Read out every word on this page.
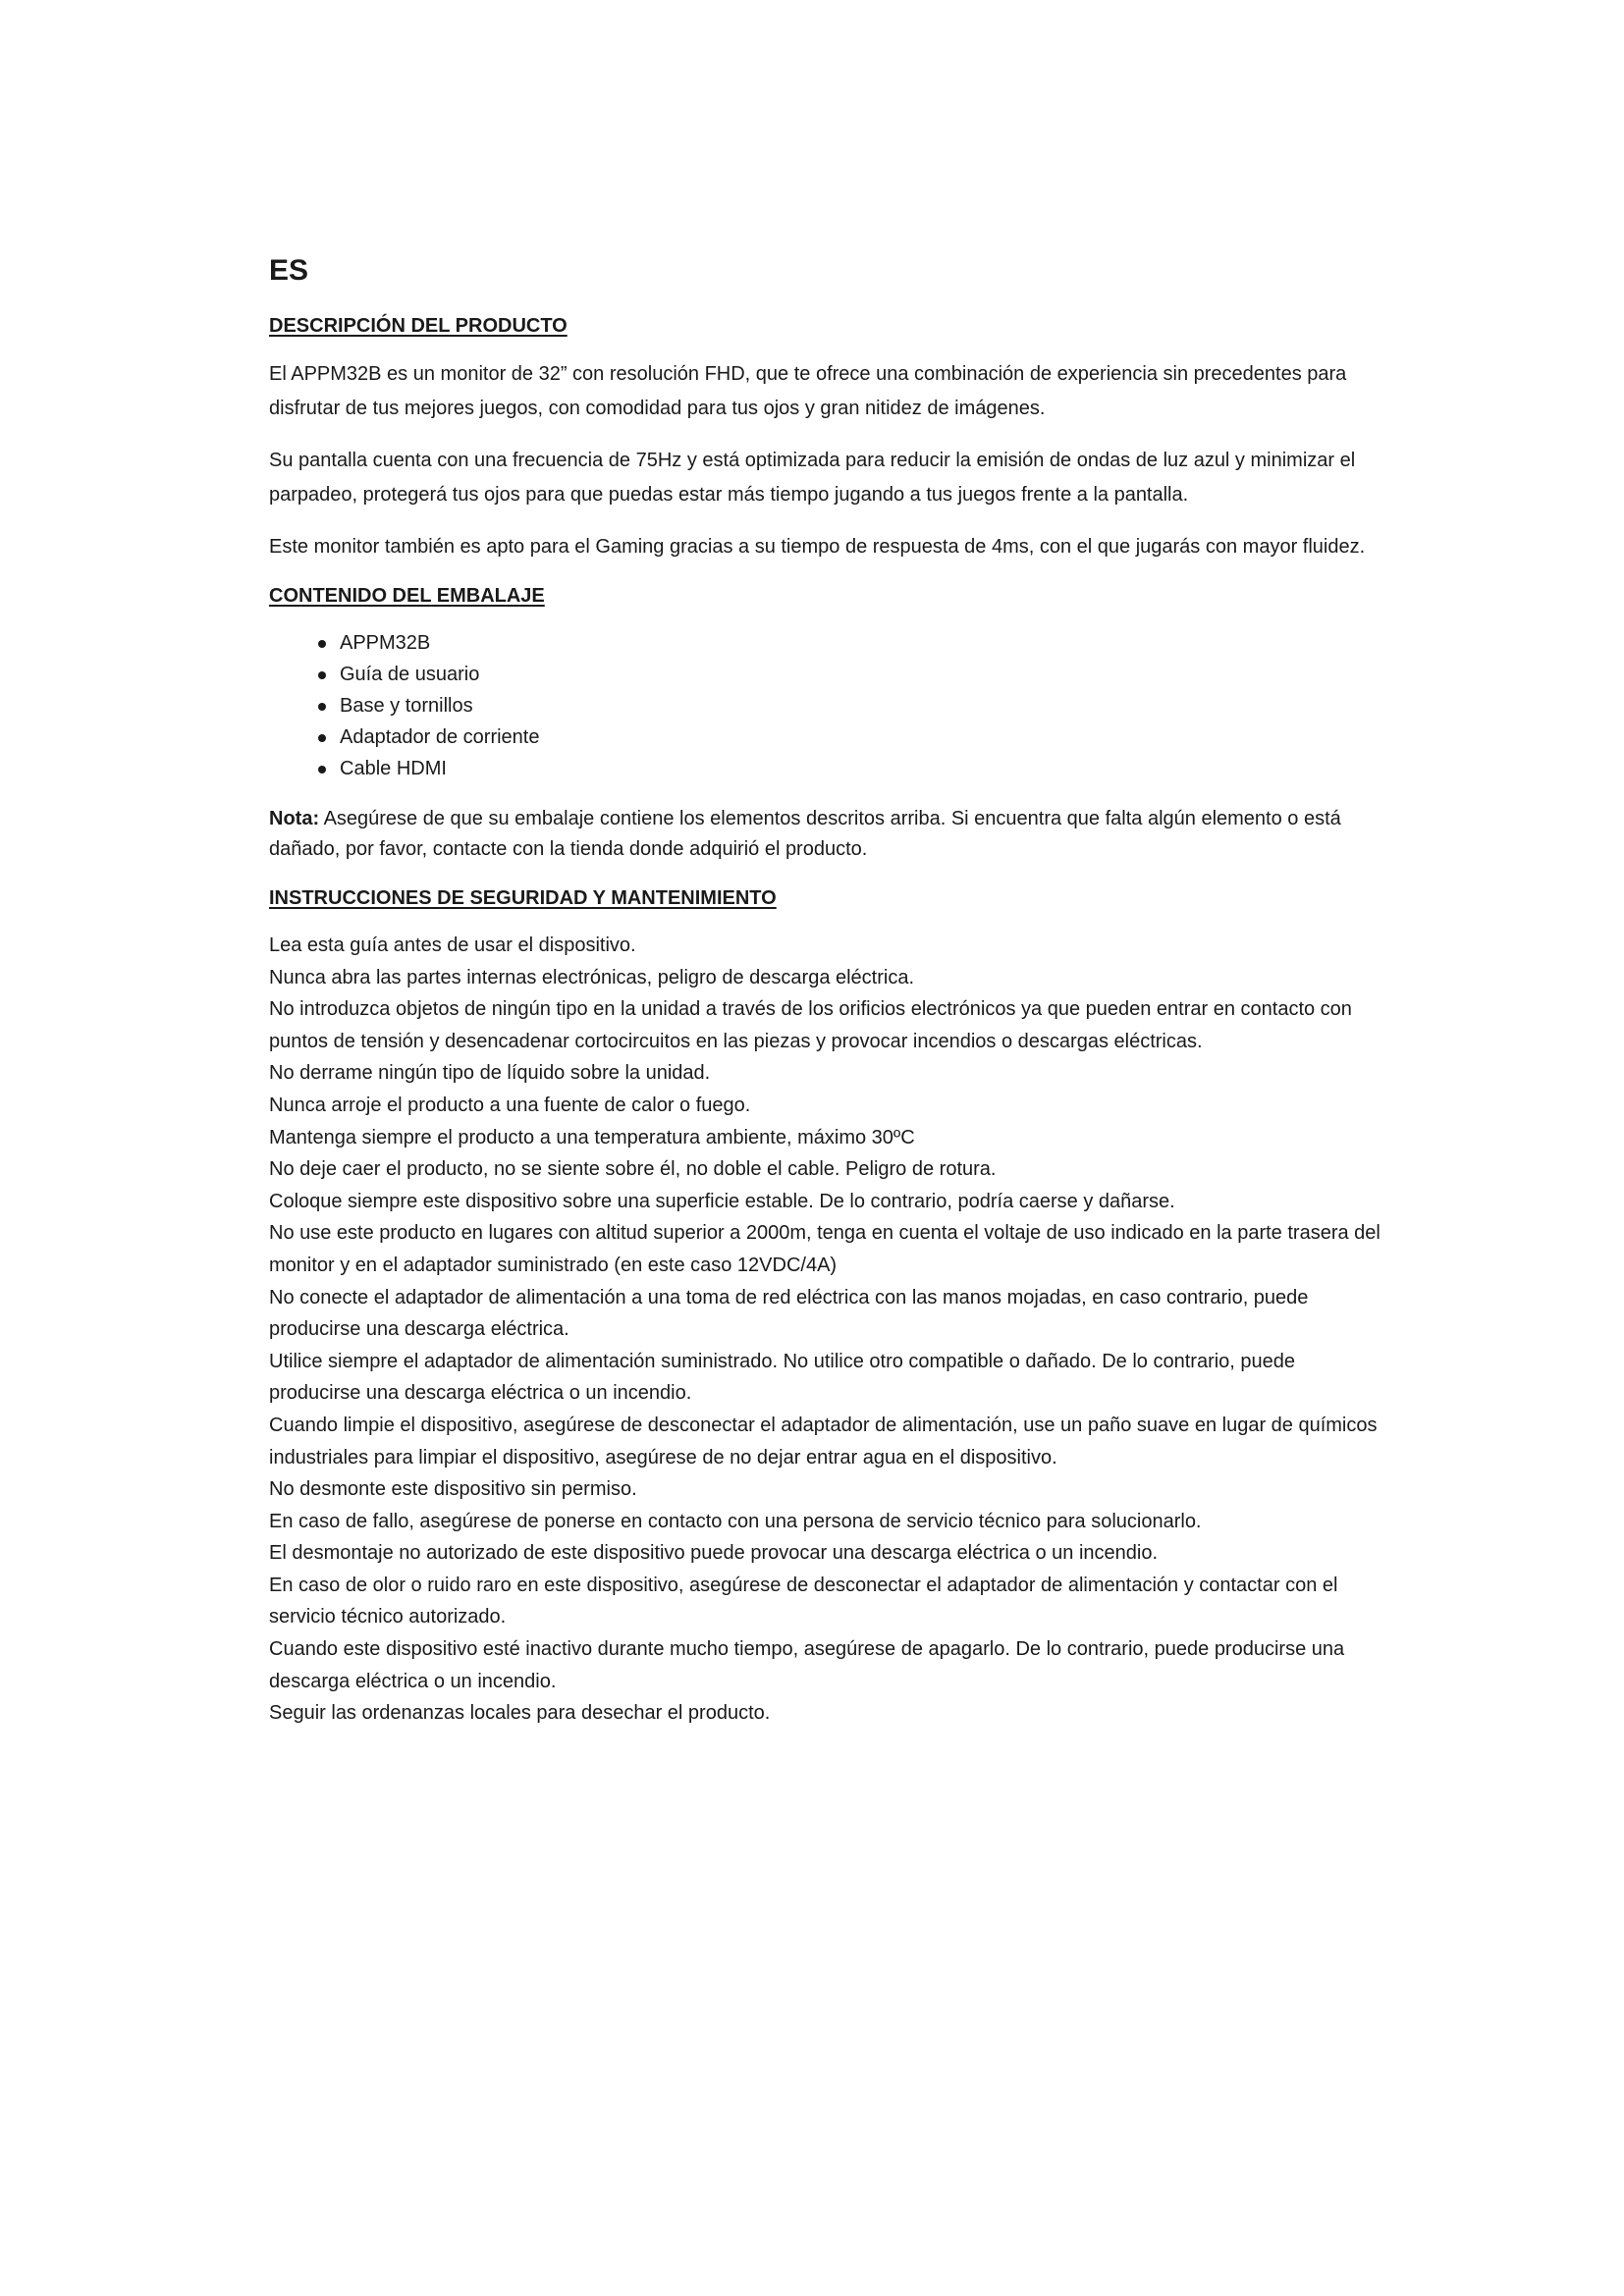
ES
DESCRIPCIÓN DEL PRODUCTO

El APPM32B es un monitor de 32” con resolución FHD, que te ofrece una combinación de experiencia sin precedentes para disfrutar de tus mejores juegos, con comodidad para tus ojos y gran nitidez de imágenes.

Su pantalla cuenta con una frecuencia de 75Hz y está optimizada para reducir la emisión de ondas de luz azul y minimizar el parpadeo, protegerá tus ojos para que puedas estar más tiempo jugando a tus juegos frente a la pantalla.

Este monitor también es apto para el Gaming gracias a su tiempo de respuesta de 4ms, con el que jugarás con mayor fluidez.

CONTENIDO DEL EMBALAJE
APPM32B
Guía de usuario
Base y tornillos
Adaptador de corriente
Cable HDMI

Nota: Asegúrese de que su embalaje contiene los elementos descritos arriba. Si encuentra que falta algún elemento o está dañado, por favor, contacte con la tienda donde adquirió el producto.

INSTRUCCIONES DE SEGURIDAD Y MANTENIMIENTO
Lea esta guía antes de usar el dispositivo.
Nunca abra las partes internas electrónicas, peligro de descarga eléctrica.
No introduzca objetos de ningún tipo en la unidad a través de los orificios electrónicos ya que pueden entrar en contacto con puntos de tensión y desencadenar cortocircuitos en las piezas y provocar incendios o descargas eléctricas.
No derrame ningún tipo de líquido sobre la unidad.
Nunca arroje el producto a una fuente de calor o fuego.
Mantenga siempre el producto a una temperatura ambiente, máximo 30ºC
No deje caer el producto, no se siente sobre él, no doble el cable. Peligro de rotura.
Coloque siempre este dispositivo sobre una superficie estable. De lo contrario, podría caerse y dañarse.
No use este producto en lugares con altitud superior a 2000m, tenga en cuenta el voltaje de uso indicado en la parte trasera del monitor y en el adaptador suministrado (en este caso 12VDC/4A)
No conecte el adaptador de alimentación a una toma de red eléctrica con las manos mojadas, en caso contrario, puede producirse una descarga eléctrica.
Utilice siempre el adaptador de alimentación suministrado. No utilice otro compatible o dañado. De lo contrario, puede producirse una descarga eléctrica o un incendio.
Cuando limpie el dispositivo, asegúrese de desconectar el adaptador de alimentación, use un paño suave en lugar de químicos industriales para limpiar el dispositivo, asegúrese de no dejar entrar agua en el dispositivo.
No desmonte este dispositivo sin permiso.
En caso de fallo, asegúrese de ponerse en contacto con una persona de servicio técnico para solucionarlo.
El desmontaje no autorizado de este dispositivo puede provocar una descarga eléctrica o un incendio.
En caso de olor o ruido raro en este dispositivo, asegúrese de desconectar el adaptador de alimentación y contactar con el servicio técnico autorizado.
Cuando este dispositivo esté inactivo durante mucho tiempo, asegúrese de apagarlo. De lo contrario, puede producirse una descarga eléctrica o un incendio.
Seguir las ordenanzas locales para desechar el producto.
